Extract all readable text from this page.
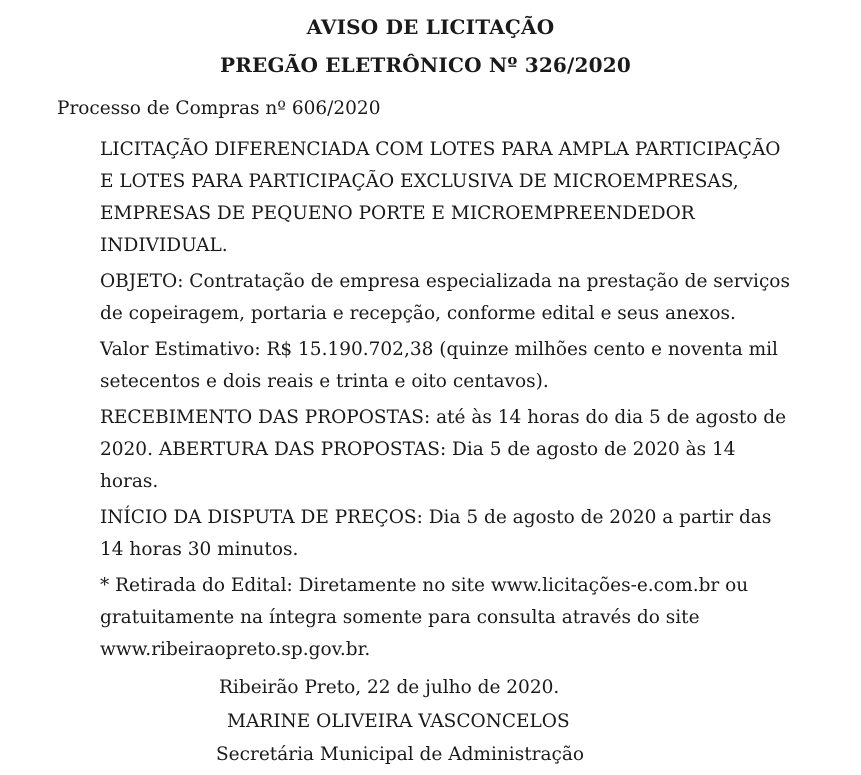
AVISO DE LICITAÇÃO
PREGÃO ELETRÔNICO Nº 326/2020
Processo de Compras nº 606/2020

LICITAÇÃO DIFERENCIADA COM LOTES PARA AMPLA PARTICIPAÇÃO E LOTES PARA PARTICIPAÇÃO EXCLUSIVA DE MICROEMPRESAS, EMPRESAS DE PEQUENO PORTE E MICROEMPREENDEDOR INDIVIDUAL.

OBJETO: Contratação de empresa especializada na prestação de serviços de copeiragem, portaria e recepção, conforme edital e seus anexos.

Valor Estimativo: R$ 15.190.702,38 (quinze milhões cento e noventa mil setecentos e dois reais e trinta e oito centavos).

RECEBIMENTO DAS PROPOSTAS: até às 14 horas do dia 5 de agosto de 2020. ABERTURA DAS PROPOSTAS: Dia 5 de agosto de 2020 às 14 horas.

INÍCIO DA DISPUTA DE PREÇOS: Dia 5 de agosto de 2020 a partir das 14 horas 30 minutos.

* Retirada do Edital: Diretamente no site www.licitações-e.com.br ou gratuitamente na íntegra somente para consulta através do site www.ribeiraopreto.sp.gov.br.

Ribeirão Preto, 22 de julho de 2020.
MARINE OLIVEIRA VASCONCELOS
Secretária Municipal de Administração
